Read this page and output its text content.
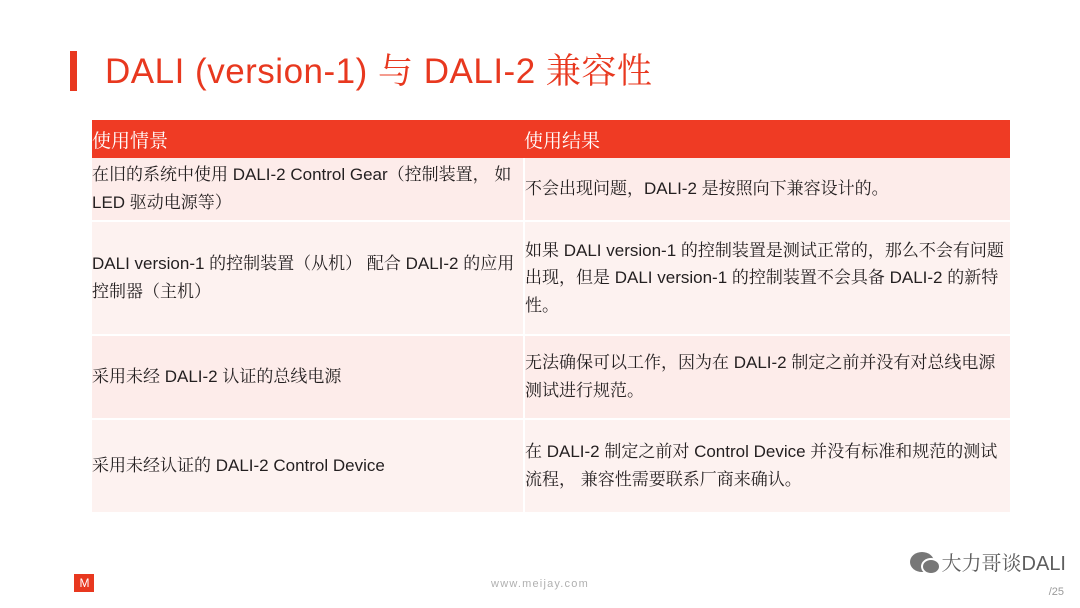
DALI (version-1) 与 DALI-2 兼容性
使用情景	使用结果
在旧的系统中使用 DALI-2 Control Gear（控制装置， 如 LED 驱动电源等）	不会出现问题，DALI-2 是按照向下兼容设计的。
DALI version-1 的控制装置（从机） 配合 DALI-2 的应用控制器（主机）	如果 DALI version-1 的控制装置是测试正常的，那么不会有问题出现，但是 DALI version-1 的控制装置不会具备 DALI-2 的新特性。
采用未经 DALI-2 认证的总线电源	无法确保可以工作，因为在 DALI-2 制定之前并没有对总线电源测试进行规范。
采用未经认证的 DALI-2 Control Device	在 DALI-2 制定之前对 Control Device 并没有标准和规范的测试流程， 兼容性需要联系厂商来确认。
M	www.meijay.com
大力哥谈DALI
/25
